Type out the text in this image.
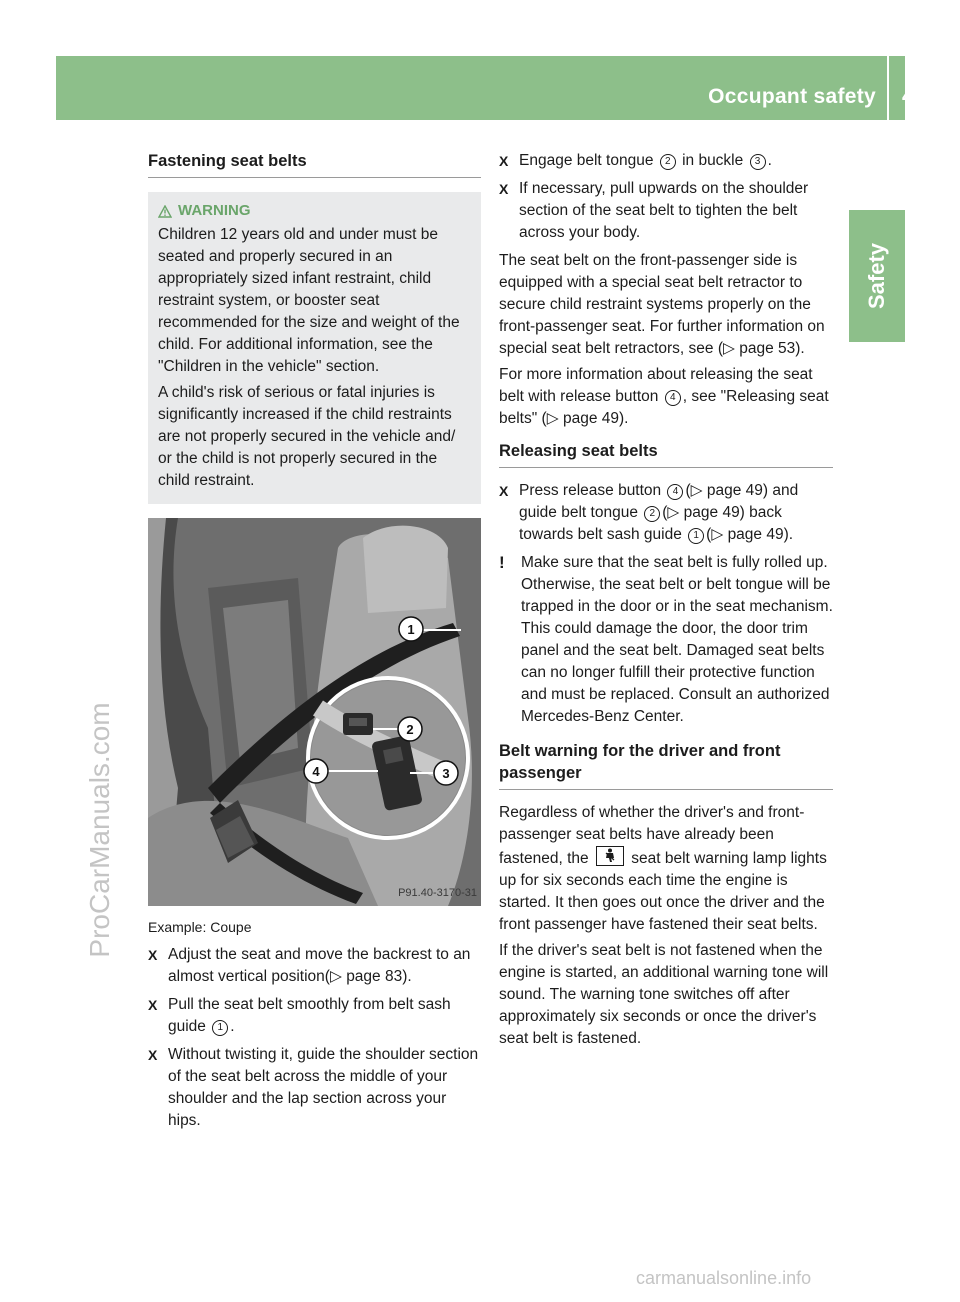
Occupant safety 49
Safety
ProCarManuals.com
carmanualsonline.info
Fastening seat belts
WARNING

Children 12 years old and under must be seated and properly secured in an appropriately sized infant restraint, child restraint system, or booster seat recommended for the size and weight of the child. For additional information, see the "Children in the vehicle" section.

A child's risk of serious or fatal injuries is significantly increased if the child restraints are not properly secured in the vehicle and/ or the child is not properly secured in the child restraint.

1
2
3
4
P91.40-3170-31
Example: Coupe
X Adjust the seat and move the backrest to an almost vertical position(▷ page 83).
X Pull the seat belt smoothly from belt sash guide 1 .
X Without twisting it, guide the shoulder section of the seat belt across the middle of your shoulder and the lap section across your hips.
X Engage belt tongue 2 in buckle 3 .
X If necessary, pull upwards on the shoulder section of the seat belt to tighten the belt across your body.

The seat belt on the front-passenger side is equipped with a special seat belt retractor to secure child restraint systems properly on the front-passenger seat. For further information on special seat belt retractors, see (▷ page 53).

For more information about releasing the seat belt with release button 4 , see "Releasing seat belts" (▷ page 49).

Releasing seat belts
X Press release button 4 (▷ page 49) and guide belt tongue 2 (▷ page 49) back towards belt sash guide 1 (▷ page 49).
!	Make sure that the seat belt is fully rolled up. Otherwise, the seat belt or belt tongue will be trapped in the door or in the seat mechanism. This could damage the door, the door trim panel and the seat belt. Damaged seat belts can no longer fulfill their protective function and must be replaced. Consult an authorized Mercedes-Benz Center.
Belt warning for the driver and front passenger

Regardless of whether the driver's and front-passenger seat belts have already been fastened, the
seat belt warning lamp lights up for six seconds each time the engine is started. It then goes out once the driver and the front passenger have fastened their seat belts.

If the driver's seat belt is not fastened when the engine is started, an additional warning tone will sound. The warning tone switches off after approximately six seconds or once the driver's seat belt is fastened.
